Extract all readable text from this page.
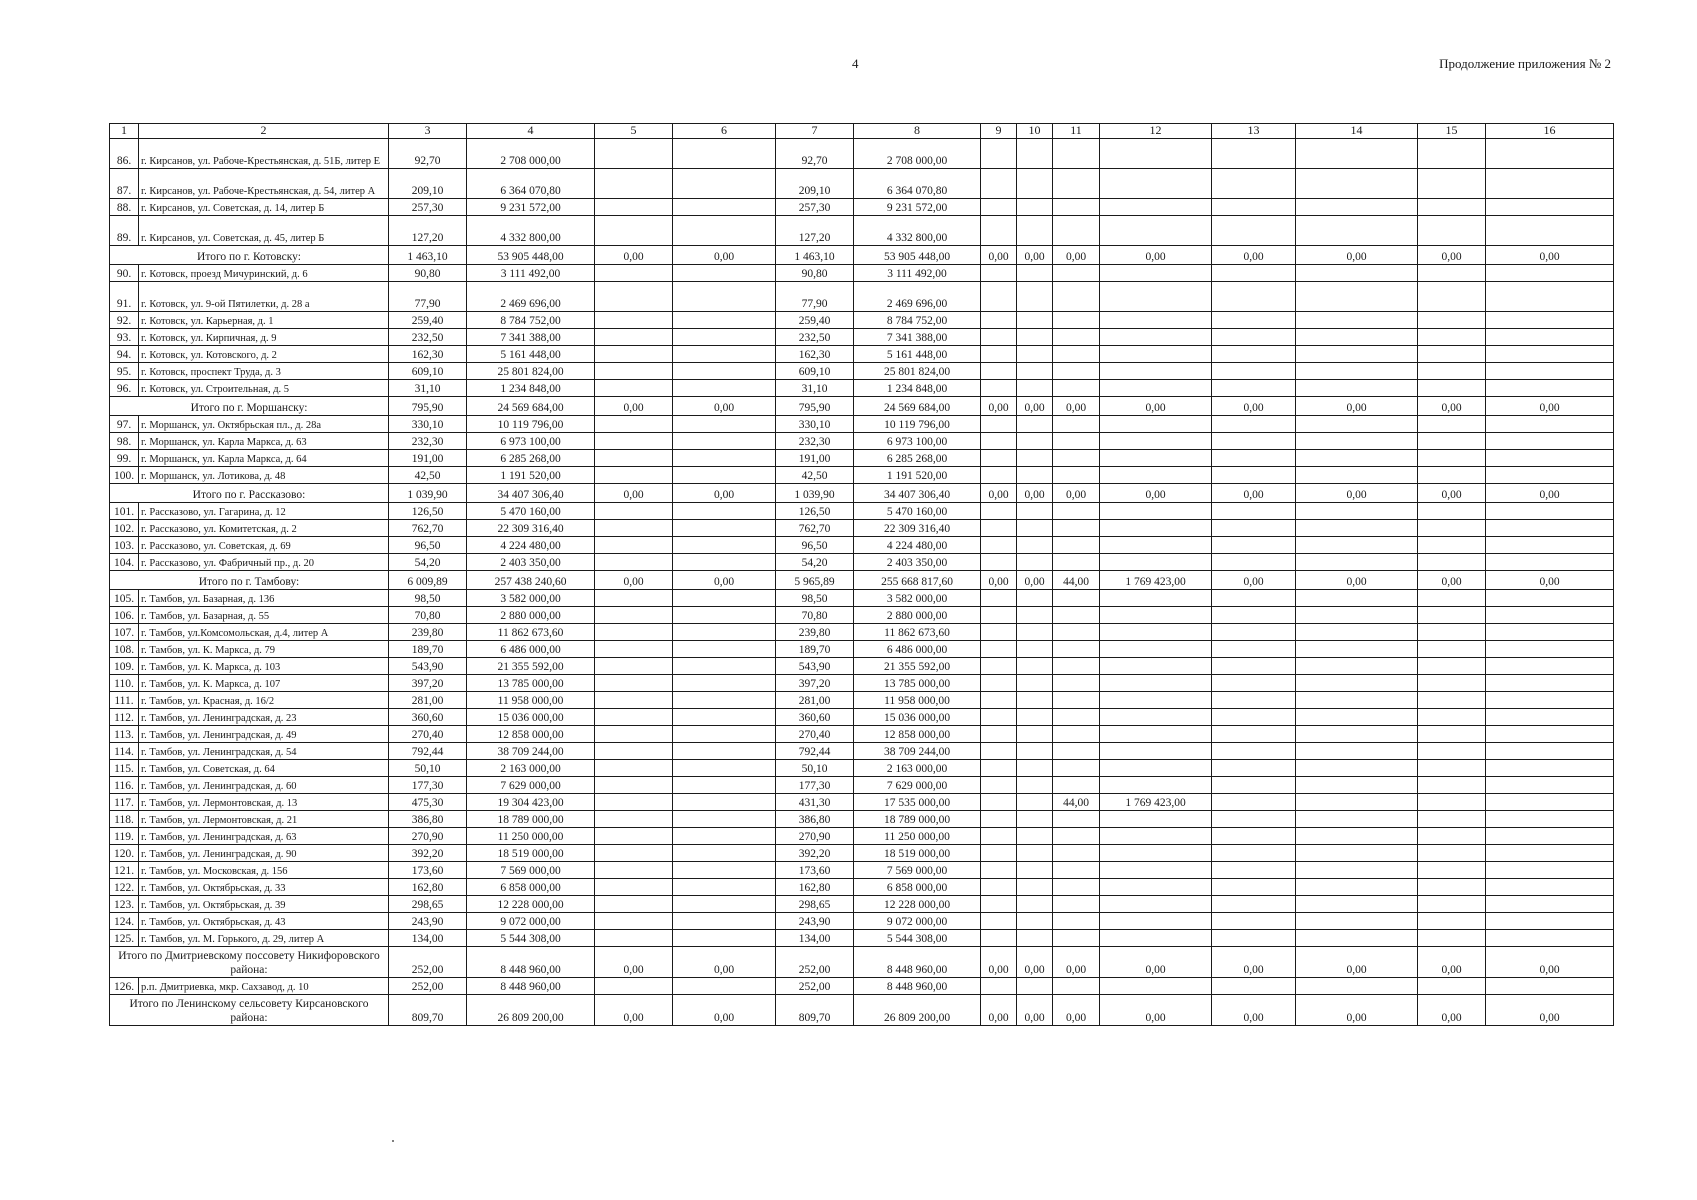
4	Продолжение приложения № 2
1	2	3	4	5	6	7	8	9	10	11	12	13	14	15	16
86.	г. Кирсанов, ул. Рабоче-Крестьянская, д. 51Б, литер Е	92,70	2 708 000,00			92,70	2 708 000,00								
87.	г. Кирсанов, ул. Рабоче-Крестьянская, д. 54, литер А	209,10	6 364 070,80			209,10	6 364 070,80								
88.	г. Кирсанов, ул. Советская, д. 14, литер Б	257,30	9 231 572,00			257,30	9 231 572,00								
89.	г. Кирсанов, ул. Советская, д. 45, литер Б	127,20	4 332 800,00			127,20	4 332 800,00								
Итого по г. Котовску:		1 463,10	53 905 448,00	0,00	0,00	1 463,10	53 905 448,00	0,00	0,00	0,00	0,00	0,00	0,00	0,00	0,00
90.	г. Котовск, проезд Мичуринский, д. 6	90,80	3 111 492,00			90,80	3 111 492,00								
91.	г. Котовск, ул. 9-ой Пятилетки, д. 28 а	77,90	2 469 696,00			77,90	2 469 696,00								
92.	г. Котовск, ул. Карьерная, д. 1	259,40	8 784 752,00			259,40	8 784 752,00								
93.	г. Котовск, ул. Кирпичная, д. 9	232,50	7 341 388,00			232,50	7 341 388,00								
94.	г. Котовск, ул. Котовского, д. 2	162,30	5 161 448,00			162,30	5 161 448,00								
95.	г. Котовск, проспект Труда, д. 3	609,10	25 801 824,00			609,10	25 801 824,00								
96.	г. Котовск, ул. Строительная, д. 5	31,10	1 234 848,00			31,10	1 234 848,00								
Итого по г. Моршанску:		795,90	24 569 684,00	0,00	0,00	795,90	24 569 684,00	0,00	0,00	0,00	0,00	0,00	0,00	0,00	0,00
97.	г. Моршанск, ул. Октябрьская пл., д. 28а	330,10	10 119 796,00			330,10	10 119 796,00								
98.	г. Моршанск, ул. Карла Маркса, д. 63	232,30	6 973 100,00			232,30	6 973 100,00								
99.	г. Моршанск, ул. Карла Маркса, д. 64	191,00	6 285 268,00			191,00	6 285 268,00								
100.	г. Моршанск, ул. Лотикова, д. 48	42,50	1 191 520,00			42,50	1 191 520,00								
Итого по г. Рассказово:		1 039,90	34 407 306,40	0,00	0,00	1 039,90	34 407 306,40	0,00	0,00	0,00	0,00	0,00	0,00	0,00	0,00
101.	г. Рассказово, ул. Гагарина, д. 12	126,50	5 470 160,00			126,50	5 470 160,00								
102.	г. Рассказово, ул. Комитетская, д. 2	762,70	22 309 316,40			762,70	22 309 316,40								
103.	г. Рассказово, ул. Советская, д. 69	96,50	4 224 480,00			96,50	4 224 480,00								
104.	г. Рассказово, ул. Фабричный пр., д. 20	54,20	2 403 350,00			54,20	2 403 350,00								
Итого по г. Тамбову:		6 009,89	257 438 240,60	0,00	0,00	5 965,89	255 668 817,60	0,00	0,00	44,00	1 769 423,00	0,00	0,00	0,00	0,00
105.	г. Тамбов, ул. Базарная, д. 136	98,50	3 582 000,00			98,50	3 582 000,00								
106.	г. Тамбов, ул. Базарная, д. 55	70,80	2 880 000,00			70,80	2 880 000,00								
107.	г. Тамбов, ул.Комсомольская, д.4, литер А	239,80	11 862 673,60			239,80	11 862 673,60								
108.	г. Тамбов, ул. К. Маркса, д. 79	189,70	6 486 000,00			189,70	6 486 000,00								
109.	г. Тамбов, ул. К. Маркса, д. 103	543,90	21 355 592,00			543,90	21 355 592,00								
110.	г. Тамбов, ул. К. Маркса, д. 107	397,20	13 785 000,00			397,20	13 785 000,00								
111.	г. Тамбов, ул. Красная, д. 16/2	281,00	11 958 000,00			281,00	11 958 000,00								
112.	г. Тамбов, ул. Ленинградская, д. 23	360,60	15 036 000,00			360,60	15 036 000,00								
113.	г. Тамбов, ул. Ленинградская, д. 49	270,40	12 858 000,00			270,40	12 858 000,00								
114.	г. Тамбов, ул. Ленинградская, д. 54	792,44	38 709 244,00			792,44	38 709 244,00								
115.	г. Тамбов, ул. Советская, д. 64	50,10	2 163 000,00			50,10	2 163 000,00								
116.	г. Тамбов, ул. Ленинградская, д. 60	177,30	7 629 000,00			177,30	7 629 000,00								
117.	г. Тамбов, ул. Лермонтовская, д. 13	475,30	19 304 423,00			431,30	17 535 000,00			44,00	1 769 423,00				
118.	г. Тамбов, ул. Лермонтовская, д. 21	386,80	18 789 000,00			386,80	18 789 000,00								
119.	г. Тамбов, ул. Ленинградская, д. 63	270,90	11 250 000,00			270,90	11 250 000,00								
120.	г. Тамбов, ул. Ленинградская, д. 90	392,20	18 519 000,00			392,20	18 519 000,00								
121.	г. Тамбов, ул. Московская, д. 156	173,60	7 569 000,00			173,60	7 569 000,00								
122.	г. Тамбов, ул. Октябрьская, д. 33	162,80	6 858 000,00			162,80	6 858 000,00								
123.	г. Тамбов, ул. Октябрьская, д. 39	298,65	12 228 000,00			298,65	12 228 000,00								
124.	г. Тамбов, ул. Октябрьская, д. 43	243,90	9 072 000,00			243,90	9 072 000,00								
125.	г. Тамбов, ул. М. Горького, д. 29, литер А	134,00	5 544 308,00			134,00	5 544 308,00								
Итого по Дмитриевскому поссовету Никифоровского района:		252,00	8 448 960,00	0,00	0,00	252,00	8 448 960,00	0,00	0,00	0,00	0,00	0,00	0,00	0,00	0,00
126.	р.п. Дмитриевка, мкр. Сахзавод, д. 10	252,00	8 448 960,00			252,00	8 448 960,00								
Итого по Ленинскому сельсовету Кирсановского района:		809,70	26 809 200,00	0,00	0,00	809,70	26 809 200,00	0,00	0,00	0,00	0,00	0,00	0,00	0,00	0,00
